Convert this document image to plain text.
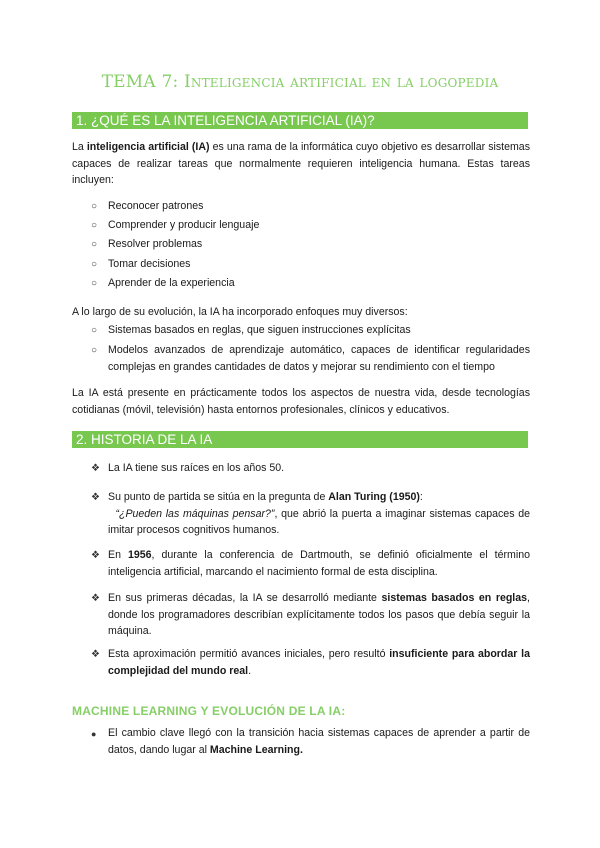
TEMA 7: Inteligencia artificial en la logopedia
1. ¿QUÉ ES LA INTELIGENCIA ARTIFICIAL (IA)?

La inteligencia artificial (IA) es una rama de la informática cuyo objetivo es desarrollar sistemas capaces de realizar tareas que normalmente requieren inteligencia humana. Estas tareas incluyen:

○ Reconocer patrones

○ Comprender y producir lenguaje

○ Resolver problemas

○ Tomar decisiones

○ Aprender de la experiencia

A lo largo de su evolución, la IA ha incorporado enfoques muy diversos:

○ Sistemas basados en reglas, que siguen instrucciones explícitas

○ Modelos avanzados de aprendizaje automático, capaces de identificar regularidades complejas en grandes cantidades de datos y mejorar su rendimiento con el tiempo

La IA está presente en prácticamente todos los aspectos de nuestra vida, desde tecnologías cotidianas (móvil, televisión) hasta entornos profesionales, clínicos y educativos.

2. HISTORIA DE LA IA
❖ La IA tiene sus raíces en los años 50.

❖ Su punto de partida se sitúa en la pregunta de Alan Turing (1950):
“¿Pueden las máquinas pensar?”, que abrió la puerta a imaginar sistemas capaces de imitar procesos cognitivos humanos.

❖ En 1956, durante la conferencia de Dartmouth, se definió oficialmente el término inteligencia artificial, marcando el nacimiento formal de esta disciplina.

❖ En sus primeras décadas, la IA se desarrolló mediante sistemas basados en reglas, donde los programadores describían explícitamente todos los pasos que debía seguir la máquina.

❖ Esta aproximación permitió avances iniciales, pero resultó insuficiente para abordar la complejidad del mundo real.

MACHINE LEARNING Y EVOLUCIÓN DE LA IA:
● El cambio clave llegó con la transición hacia sistemas capaces de aprender a partir de datos, dando lugar al Machine Learning.
